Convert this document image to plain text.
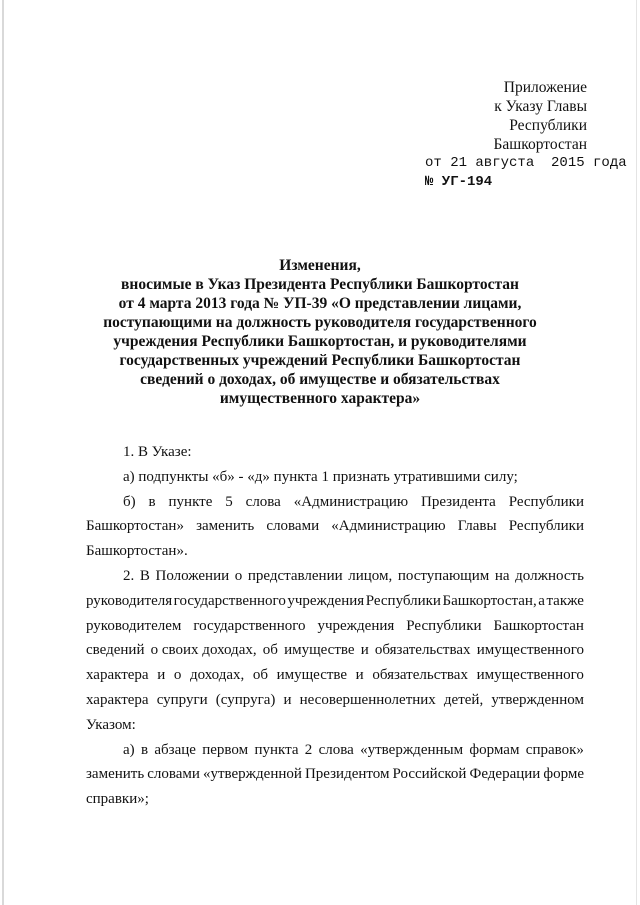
Приложение
к Указу Главы
Республики Башкортостан
от 21 августа  2015 года
№ УГ-194
Изменения,
вносимые в Указ Президента Республики Башкортостан
от 4 марта 2013 года № УП-39 «О представлении лицами,
поступающими на должность руководителя государственного
учреждения Республики Башкортостан, и руководителями
государственных учреждений Республики Башкортостан
сведений о доходах, об имуществе и обязательствах
имущественного характера»
1. В Указе:
а) подпункты «б» - «д» пункта 1 признать утратившими силу;
б) в пункте 5 слова «Администрацию Президента Республики
Башкортостан» заменить словами «Администрацию Главы Республики
Башкортостан».
2. В Положении о представлении лицом, поступающим на должность
руководителя государственного учреждения Республики Башкортостан, а также
руководителем государственного учреждения Республики Башкортостан
сведений о своих доходах, об имуществе и обязательствах имущественного
характера и о доходах, об имуществе и обязательствах имущественного
характера супруги (супруга) и несовершеннолетних детей, утвержденном
Указом:
а) в абзаце первом пункта 2 слова «утвержденным формам справок»
заменить словами «утвержденной Президентом Российской Федерации форме
справки»;
